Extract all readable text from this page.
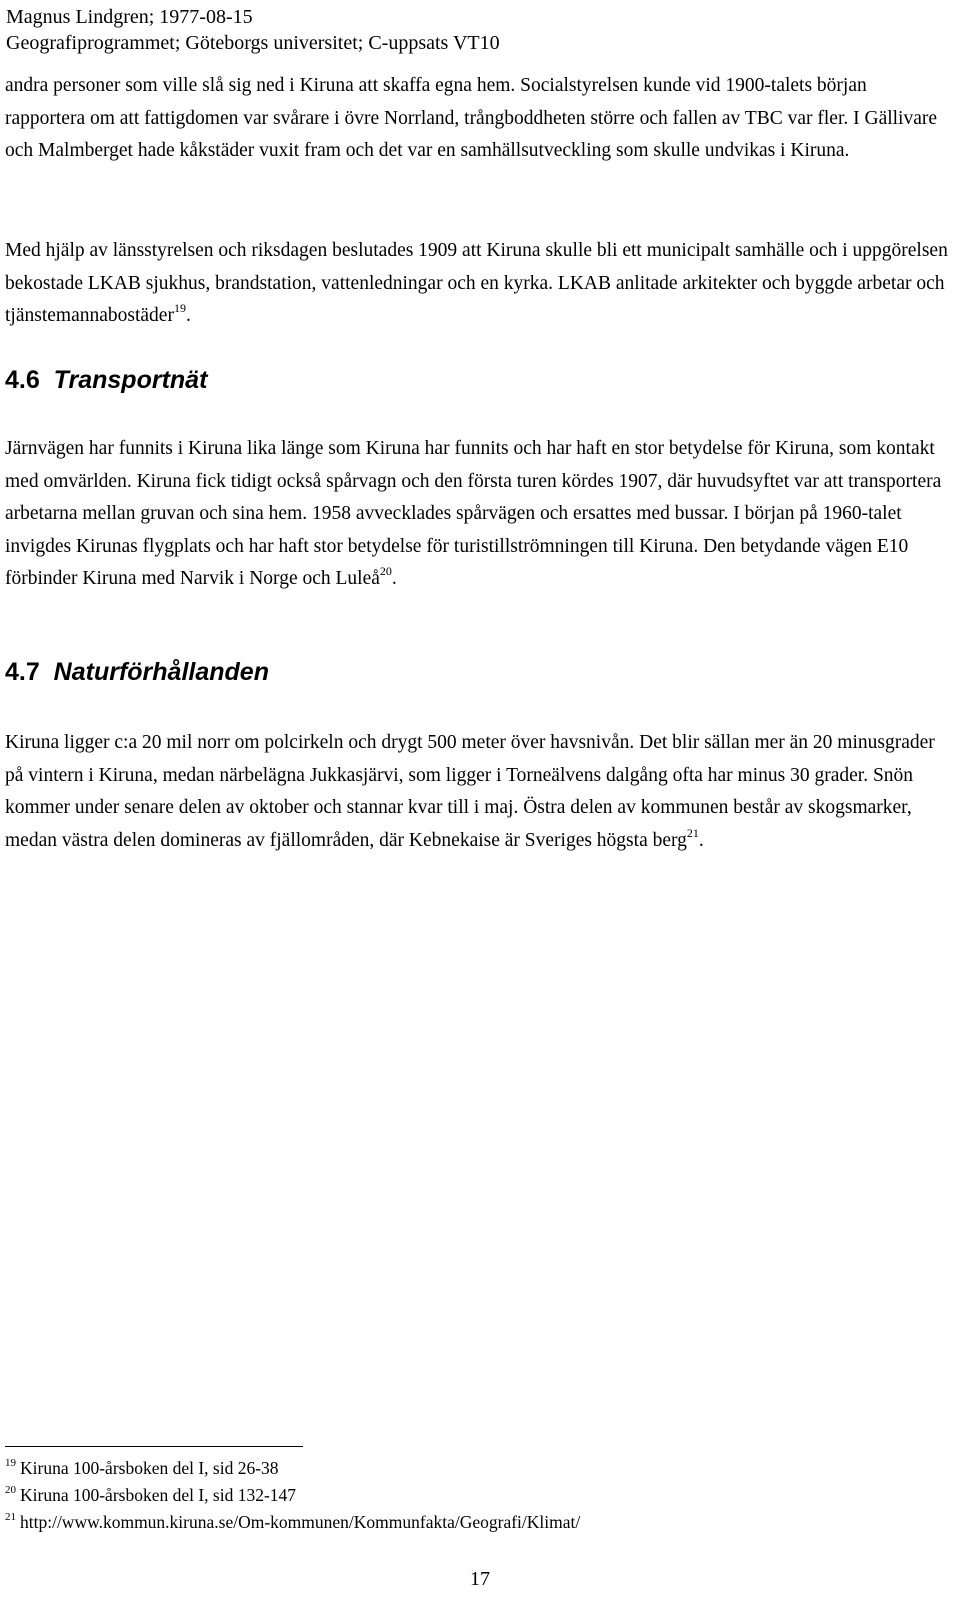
Magnus Lindgren; 1977-08-15
Geografiprogrammet; Göteborgs universitet; C-uppsats VT10
andra personer som ville slå sig ned i Kiruna att skaffa egna hem. Socialstyrelsen kunde vid 1900-talets början rapportera om att fattigdomen var svårare i övre Norrland, trångboddheten större och fallen av TBC var fler. I Gällivare och Malmberget hade kåkstäder vuxit fram och det var en samhällsutveckling som skulle undvikas i Kiruna.
Med hjälp av länsstyrelsen och riksdagen beslutades 1909 att Kiruna skulle bli ett municipalt samhälle och i uppgörelsen bekostade LKAB sjukhus, brandstation, vattenledningar och en kyrka. LKAB anlitade arkitekter och byggde arbetar och tjänstemannabostäder$^{19}$.
4.6 Transportnät
Järnvägen har funnits i Kiruna lika länge som Kiruna har funnits och har haft en stor betydelse för Kiruna, som kontakt med omvärlden. Kiruna fick tidigt också spårvagn och den första turen kördes 1907, där huvudsyftet var att transportera arbetarna mellan gruvan och sina hem. 1958 avvecklades spårvägen och ersattes med bussar. I början på 1960-talet invigdes Kirunas flygplats och har haft stor betydelse för turistillströmningen till Kiruna. Den betydande vägen E10 förbinder Kiruna med Narvik i Norge och Luleå$^{20}$.
4.7 Naturförhållanden
Kiruna ligger c:a 20 mil norr om polcirkeln och drygt 500 meter över havsnivån. Det blir sällan mer än 20 minusgrader på vintern i Kiruna, medan närbelägna Jukkasjärvi, som ligger i Torneälvens dalgång ofta har minus 30 grader. Snön kommer under senare delen av oktober och stannar kvar till i maj. Östra delen av kommunen består av skogsmarker, medan västra delen domineras av fjällområden, där Kebnekaise är Sveriges högsta berg$^{21}$.
$^{19}$ Kiruna 100-årsboken del I, sid 26-38
$^{20}$ Kiruna 100-årsboken del I, sid 132-147
$^{21}$ http://www.kommun.kiruna.se/Om-kommunen/Kommunfakta/Geografi/Klimat/
17
